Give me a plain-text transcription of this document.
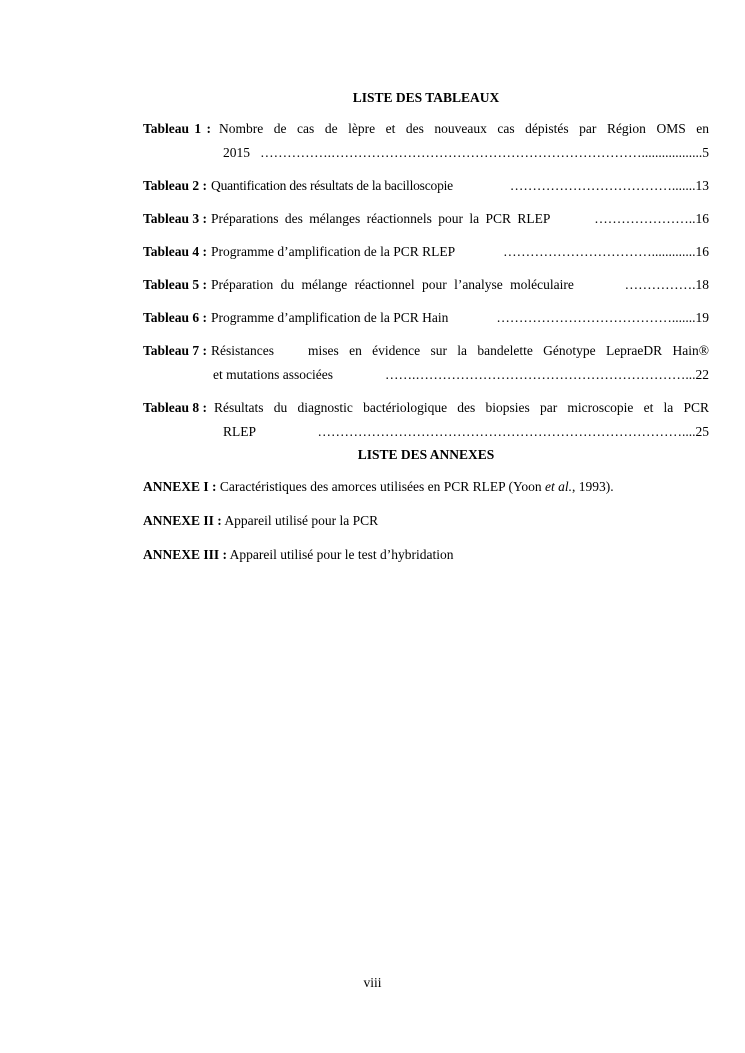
LISTE DES TABLEAUX
Tableau 1 : Nombre de cas de lèpre et des nouveaux cas dépistés par Région OMS en
2015 …………….…………………………………………………………….................. 5
Tableau 2 : Quantification des résultats de la bacilloscopie	………………………………....... 13
Tableau 3 : Préparations des mélanges réactionnels pour la PCR RLEP	………………….. 16
Tableau 4 : Programme d’amplification de la PCR RLEP	……………………………............. 16
Tableau 5 : Préparation du mélange réactionnel pour l’analyse moléculaire	……………. 18
Tableau 6 : Programme d’amplification de la PCR Hain	…………………………………....... 19
Tableau 7 : Résistances	mises en évidence sur la bandelette Génotype LepraeDR Hain®
et mutations associées	…….……………………………………………………... 22
Tableau 8 : Résultats du diagnostic bactériologique des biopsies par microscopie et la PCR
RLEP	……………………………………………………………………….... 25
LISTE DES ANNEXES
ANNEXE I : Caractéristiques des amorces utilisées en PCR RLEP (Yoon et al., 1993).
ANNEXE II : Appareil utilisé pour la PCR
ANNEXE III : Appareil utilisé pour le test d’hybridation
viii
